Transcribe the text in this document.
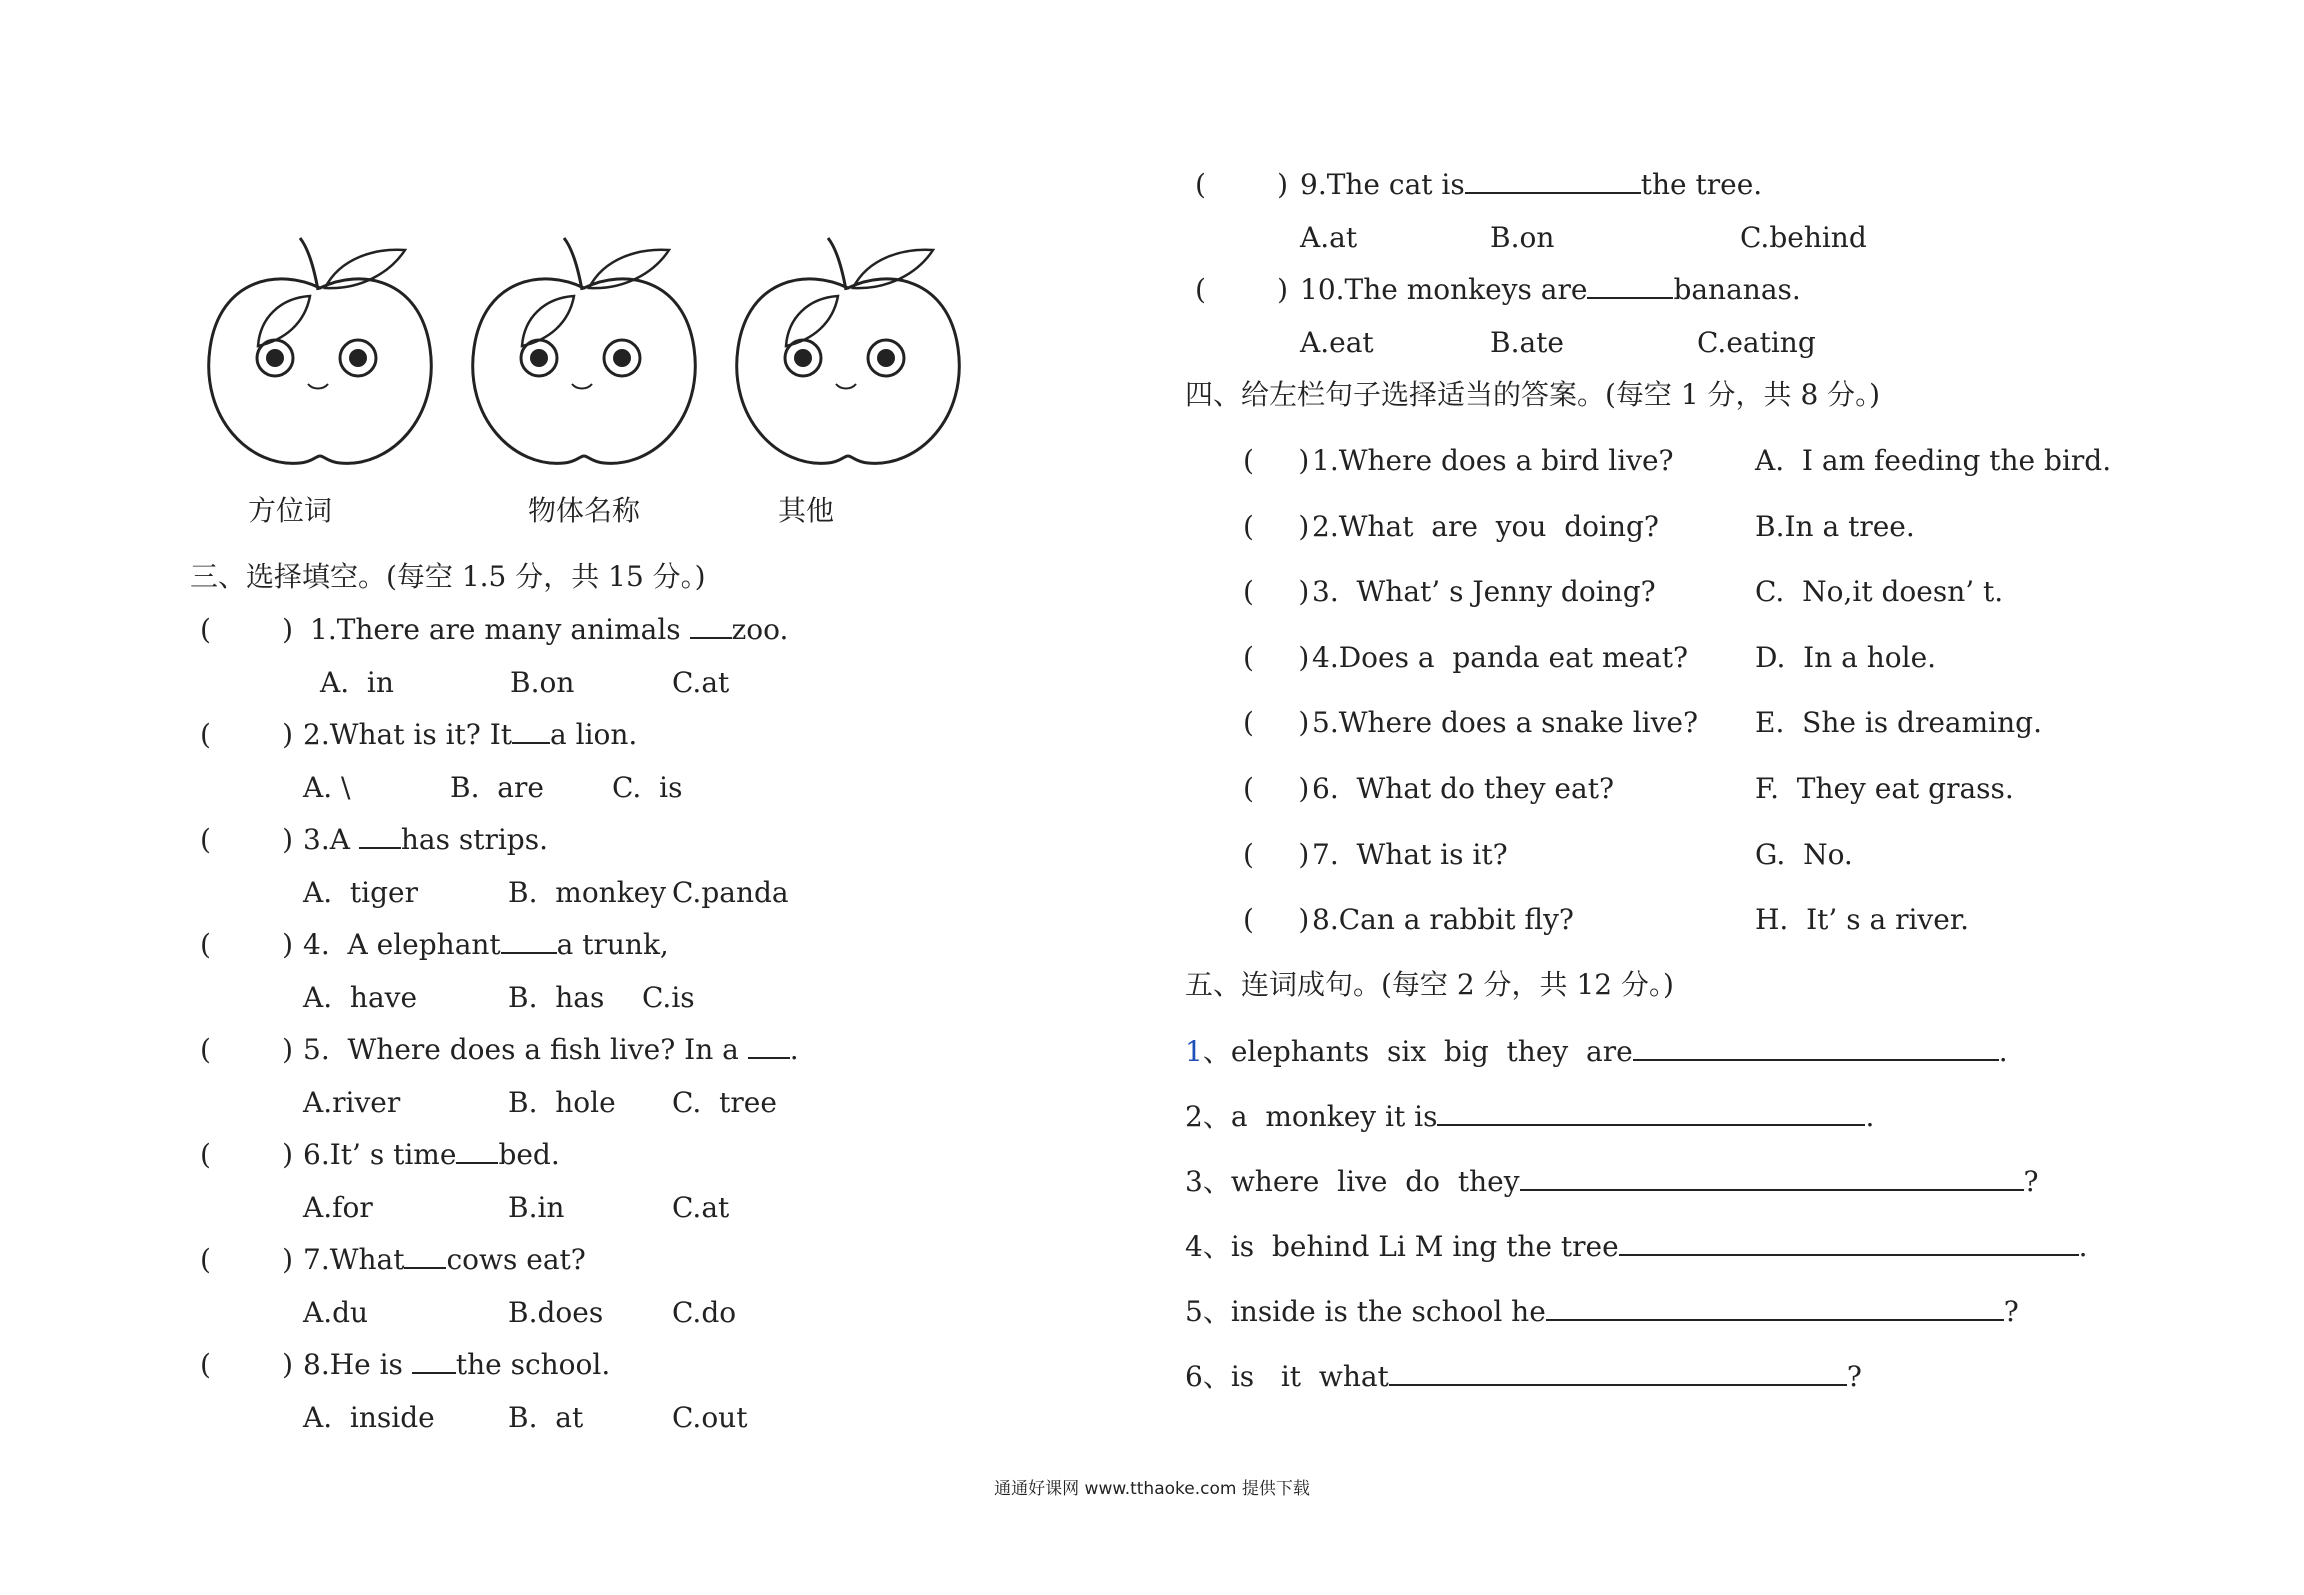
方位词	物体名称	其他
三、选择填空。(每空 1.5 分，共 15 分。)
(        ) 1.There are many animals zoo.
A.  in	B.on	C.at
(        ) 2.What is it? It a lion.
A. \	B.  are C.  is
(        ) 3.A has strips.
A.  tiger	B.  monkey C.panda
(        ) 4.  A elephant a trunk,
A.  have	B.  has C.is
(        ) 5.  Where does a fish live? In a .
A.river	B.  hole C.  tree
(        ) 6.It’ s time bed.
A.for	B.in	C.at
(        ) 7.What cows eat?
A.du	B.does C.do
(        ) 8.He is the school.
A.  inside	B.  at	C.out
(        ) 9.The cat is	the tree.
A.at	B.on	C.behind
(        ) 10.The monkeys are	bananas.
A.eat	B.ate	C.eating
四、给左栏句子选择适当的答案。(每空 1 分，共 8 分。)
(     ) 1.Where does a bird live?	A.  I am feeding the bird.
(     ) 2.What  are  you  doing?	B.In a tree.
(     ) 3.  What’ s Jenny doing?	C.  No,it doesn’ t.
(     ) 4.Does a  panda eat meat? D.  In a hole.
(     ) 5.Where does a snake live? E.  She is dreaming.
(     ) 6.  What do they eat?	F.  They eat grass.
(     ) 7.  What is it?	G.  No.
(     ) 8.Can a rabbit fly?	H.  It’ s a river.
五、连词成句。(每空 2 分，共 12 分。)
1、elephants  six  big  they  are	.
2、a  monkey it is	.
3、where  live  do  they	?
4、is  behind Li M ing the tree	.
5、inside is the school he	?
6、is   it  what	?
通通好课网 www.tthaoke.com 提供下载
